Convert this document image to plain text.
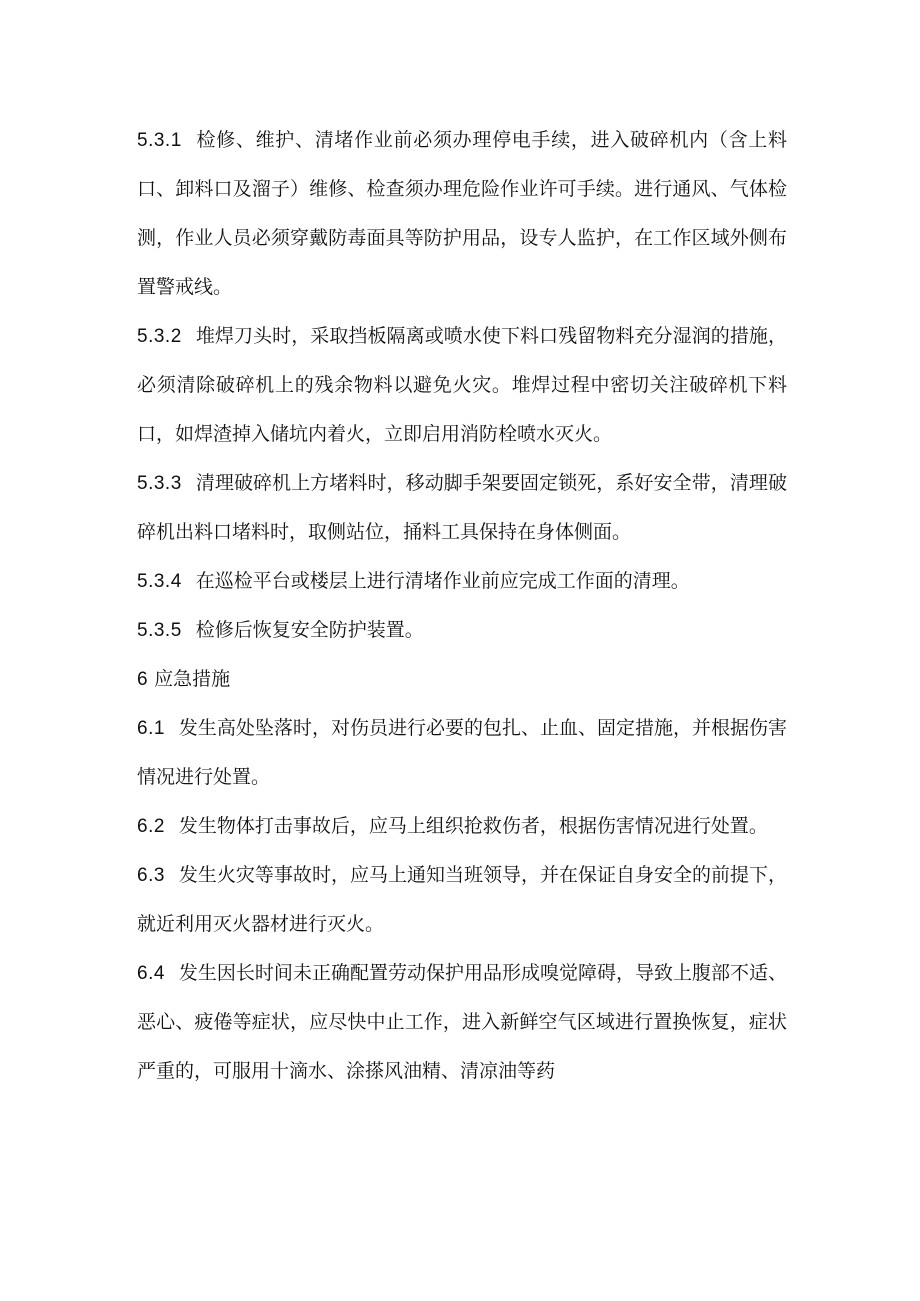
5.3.1 检修、维护、清堵作业前必须办理停电手续，进入破碎机内（含上料口、卸料口及溜子）维修、检查须办理危险作业许可手续。进行通风、气体检测，作业人员必须穿戴防毒面具等防护用品，设专人监护，在工作区域外侧布置警戒线。

5.3.2 堆焊刀头时，采取挡板隔离或喷水使下料口残留物料充分湿润的措施，必须清除破碎机上的残余物料以避免火灾。堆焊过程中密切关注破碎机下料口，如焊渣掉入储坑内着火，立即启用消防栓喷水灭火。

5.3.3 清理破碎机上方堵料时，移动脚手架要固定锁死，系好安全带，清理破碎机出料口堵料时，取侧站位，捅料工具保持在身体侧面。

5.3.4 在巡检平台或楼层上进行清堵作业前应完成工作面的清理。

5.3.5 检修后恢复安全防护装置。

6 应急措施

6.1 发生高处坠落时，对伤员进行必要的包扎、止血、固定措施，并根据伤害情况进行处置。

6.2 发生物体打击事故后，应马上组织抢救伤者，根据伤害情况进行处置。

6.3 发生火灾等事故时，应马上通知当班领导，并在保证自身安全的前提下，就近利用灭火器材进行灭火。

6.4 发生因长时间未正确配置劳动保护用品形成嗅觉障碍，导致上腹部不适、恶心、疲倦等症状，应尽快中止工作，进入新鲜空气区域进行置换恢复，症状严重的，可服用十滴水、涂搽风油精、清凉油等药
